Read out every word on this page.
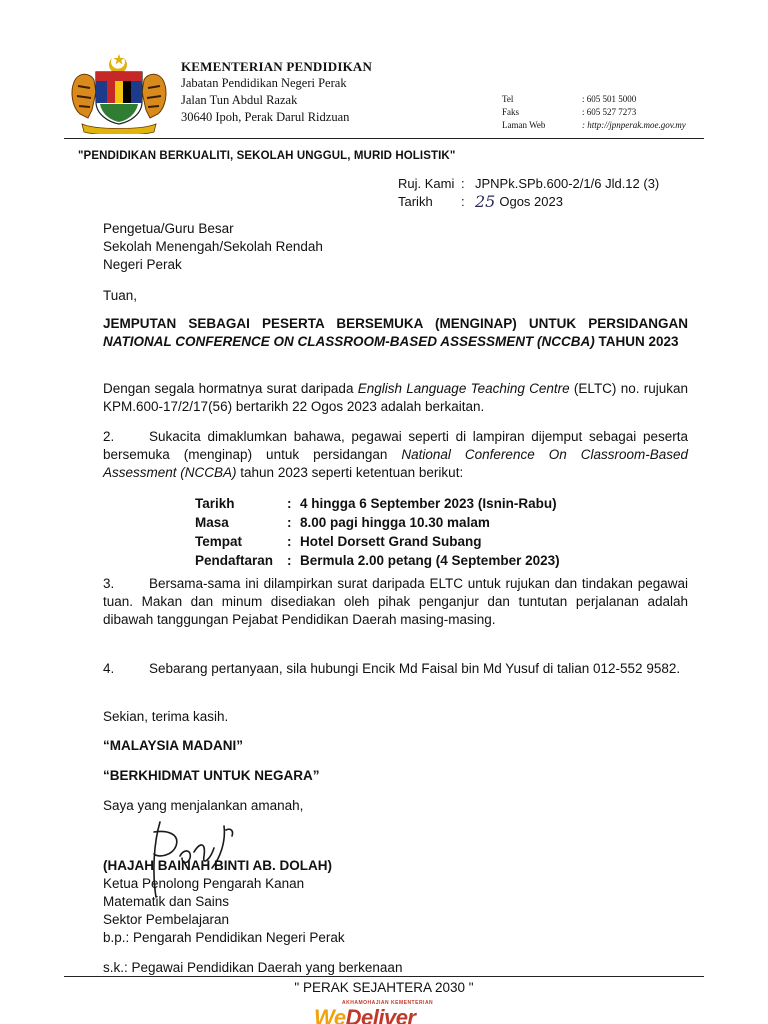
KEMENTERIAN PENDIDIKAN
Jabatan Pendidikan Negeri Perak
Jalan Tun Abdul Razak
30640 Ipoh, Perak Darul Ridzuan
Tel	: 605 501 5000
Faks	: 605 527 7273
Laman Web	: http://jpnperak.moe.gov.my
"PENDIDIKAN BERKUALITI, SEKOLAH UNGGUL, MURID HOLISTIK"
Ruj. Kami : JPNPk.SPb.600-2/1/6 Jld.12 (3)
Tarikh	: 25 Ogos 2023
Pengetua/Guru Besar
Sekolah Menengah/Sekolah Rendah
Negeri Perak
Tuan,
JEMPUTAN SEBAGAI PESERTA BERSEMUKA (MENGINAP) UNTUK PERSIDANGAN NATIONAL CONFERENCE ON CLASSROOM-BASED ASSESSMENT (NCCBA) TAHUN 2023
Dengan segala hormatnya surat daripada English Language Teaching Centre (ELTC) no. rujukan KPM.600-17/2/17(56) bertarikh 22 Ogos 2023 adalah berkaitan.
2.	Sukacita dimaklumkan bahawa, pegawai seperti di lampiran dijemput sebagai peserta bersemuka (menginap) untuk persidangan National Conference On Classroom-Based Assessment (NCCBA) tahun 2023 seperti ketentuan berikut:
Tarikh	: 4 hingga 6 September 2023 (Isnin-Rabu)
Masa	: 8.00 pagi hingga 10.30 malam
Tempat	: Hotel Dorsett Grand Subang
Pendaftaran	: Bermula 2.00 petang (4 September 2023)
3.	Bersama-sama ini dilampirkan surat daripada ELTC untuk rujukan dan tindakan pegawai tuan. Makan dan minum disediakan oleh pihak penganjur dan tuntutan perjalanan adalah dibawah tanggungan Pejabat Pendidikan Daerah masing-masing.
4.	Sebarang pertanyaan, sila hubungi Encik Md Faisal bin Md Yusuf di talian 012-552 9582.
Sekian, terima kasih.
“MALAYSIA MADANI”
“BERKHIDMAT UNTUK NEGARA”
Saya yang menjalankan amanah,
(HAJAH BAINAH BINTI AB. DOLAH)
Ketua Penolong Pengarah Kanan
Matematik dan Sains
Sektor Pembelajaran
b.p.: Pengarah Pendidikan Negeri Perak
s.k.: Pegawai Pendidikan Daerah yang berkenaan
" PERAK SEJAHTERA 2030 "
AKHAMOHAJIAN KEMENTERIAN
WeDeliver
